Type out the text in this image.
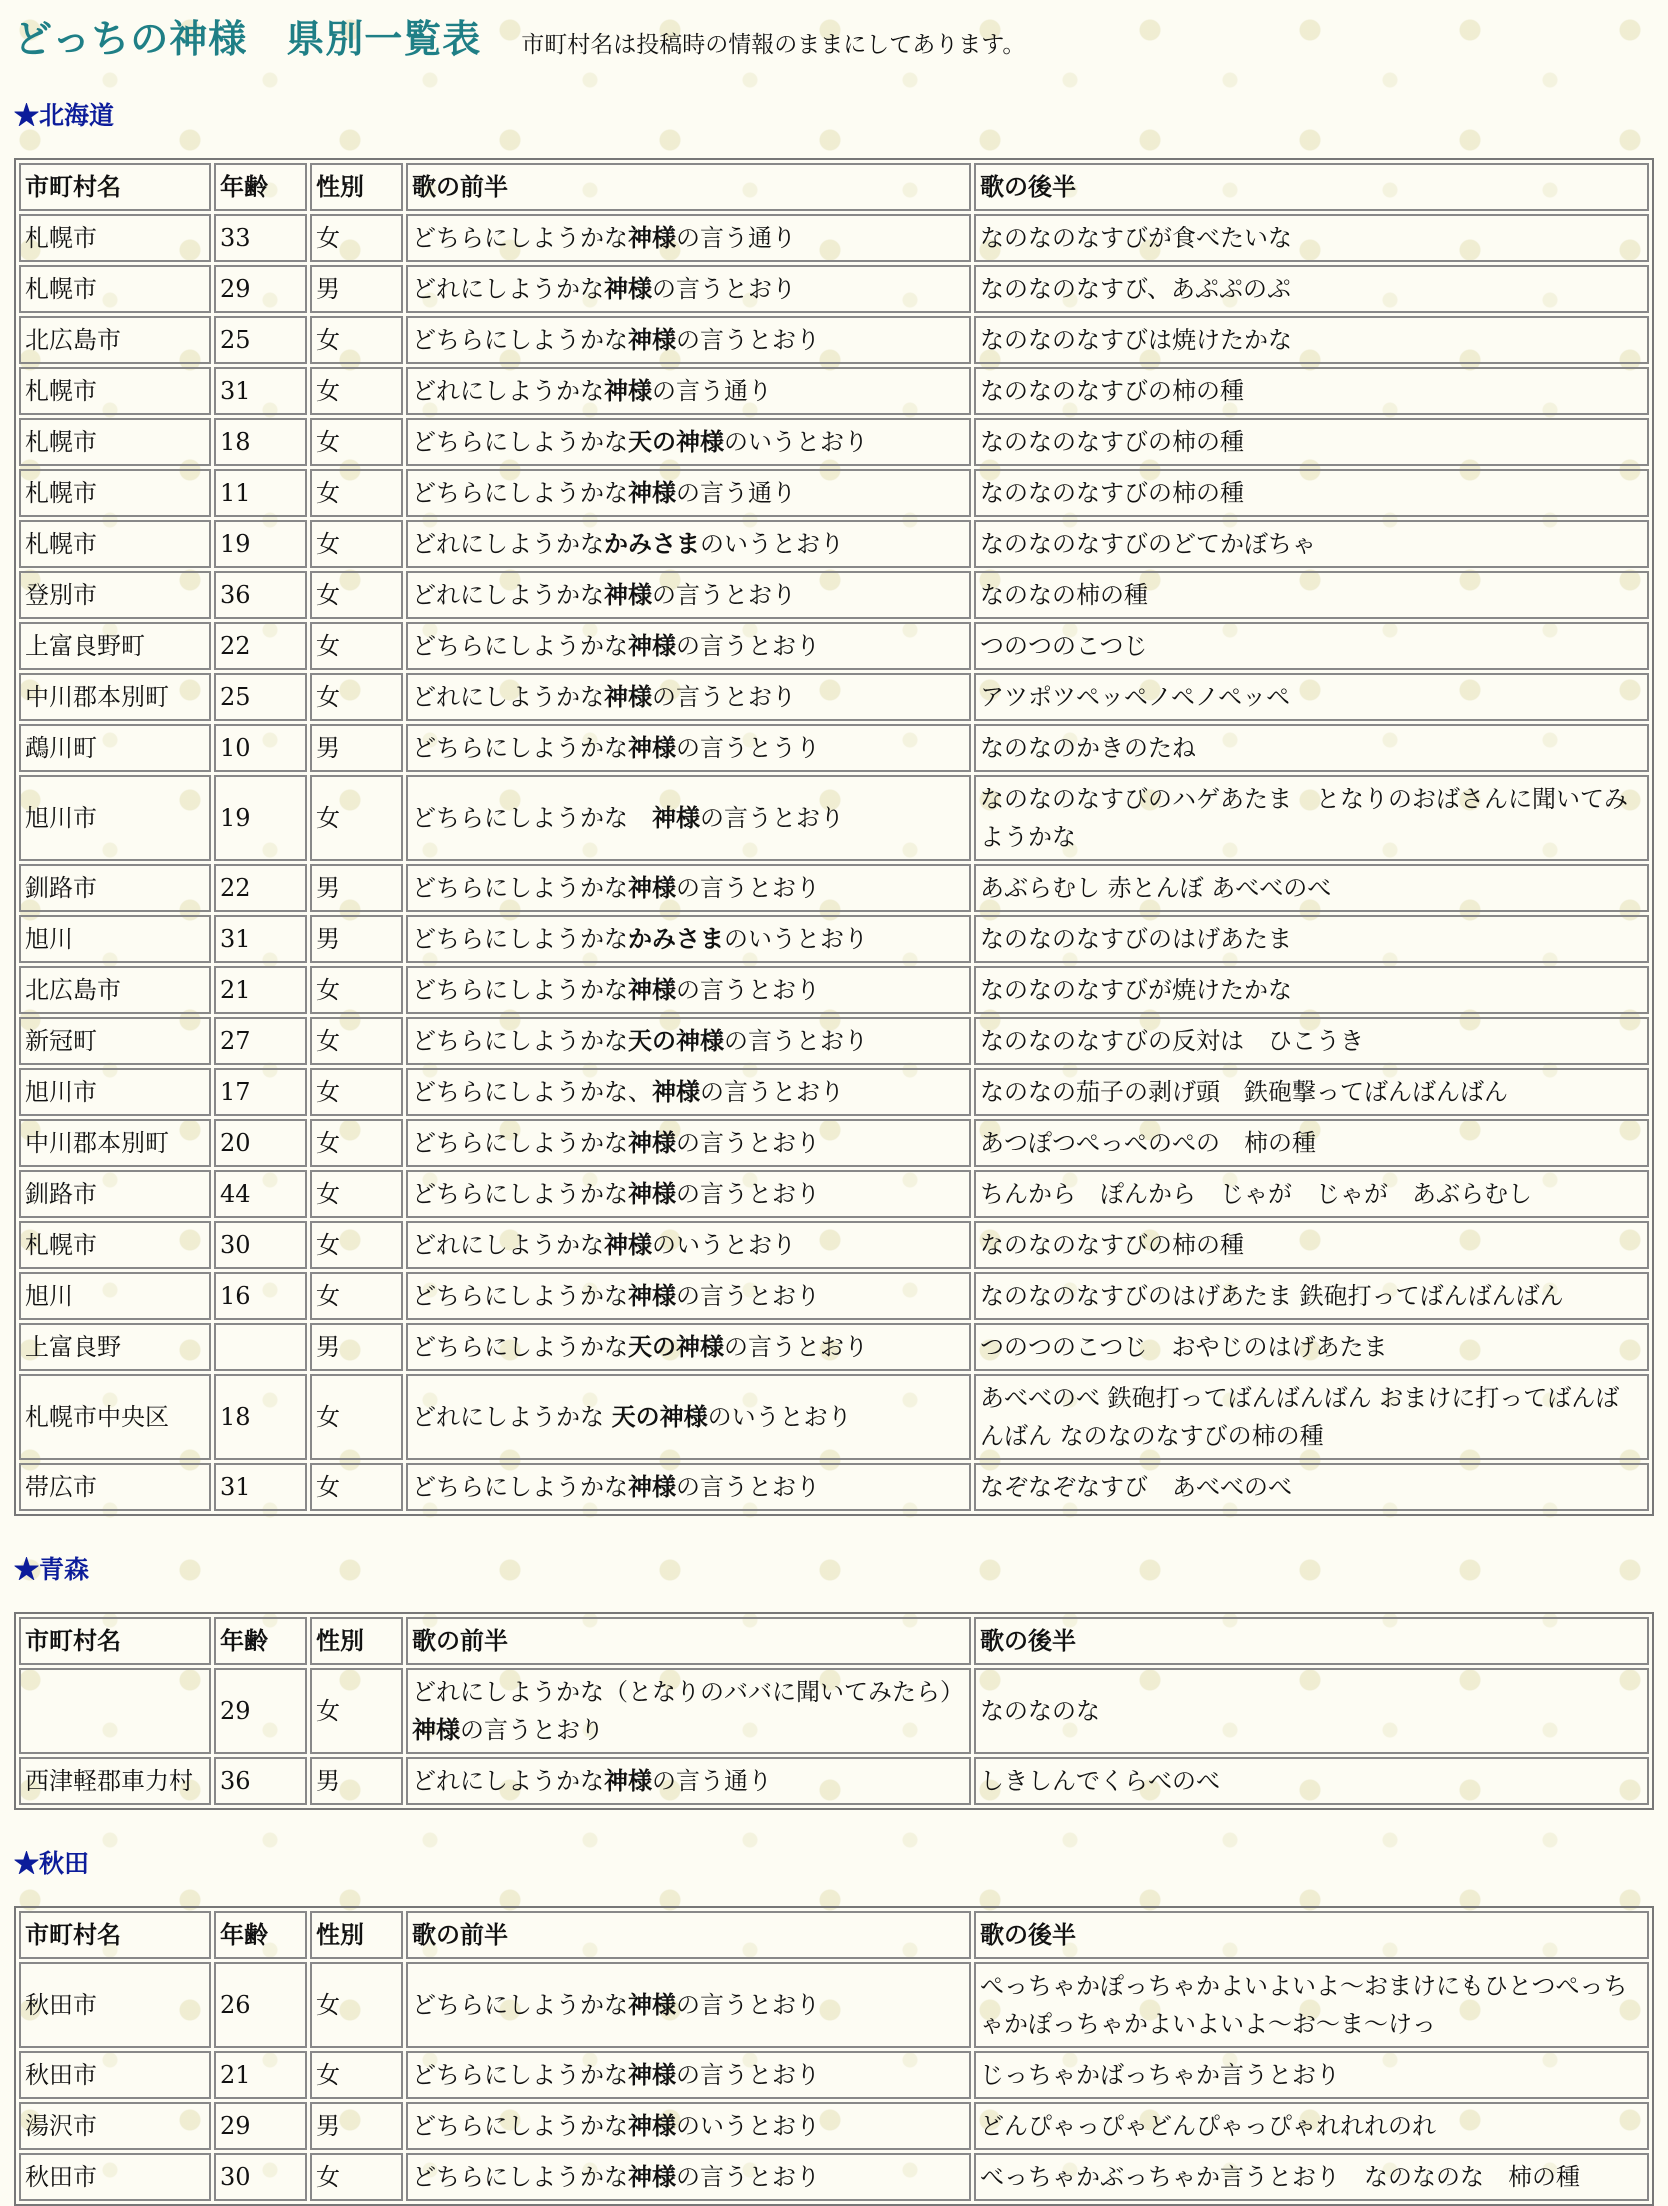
どっちの神様　県別一覧表 市町村名は投稿時の情報のままにしてあります。
★北海道
市町村名	年齢	性別	歌の前半	歌の後半
札幌市	33	女	どちらにしようかな神様の言う通り	なのなのなすびが食べたいな
札幌市	29	男	どれにしようかな神様の言うとおり	なのなのなすび、あぷぷのぷ
北広島市	25	女	どちらにしようかな神様の言うとおり	なのなのなすびは焼けたかな
札幌市	31	女	どれにしようかな神様の言う通り	なのなのなすびの柿の種
札幌市	18	女	どちらにしようかな天の神様のいうとおり	なのなのなすびの柿の種
札幌市	11	女	どちらにしようかな神様の言う通り	なのなのなすびの柿の種
札幌市	19	女	どれにしようかなかみさまのいうとおり	なのなのなすびのどてかぼちゃ
登別市	36	女	どれにしようかな神様の言うとおり	なのなの柿の種
上富良野町	22	女	どちらにしようかな神様の言うとおり	つのつのこつじ
中川郡本別町	25	女	どれにしようかな神様の言うとおり	アツポツペッペノペノペッペ
鵡川町	10	男	どちらにしようかな神様の言うとうり	なのなのかきのたね
旭川市	19	女	どちらにしようかな　神様の言うとおり	なのなのなすびのハゲあたま　となりのおばさんに聞いてみようかな
釧路市	22	男	どちらにしようかな神様の言うとおり	あぶらむし 赤とんぼ あべべのべ
旭川	31	男	どちらにしようかなかみさまのいうとおり	なのなのなすびのはげあたま
北広島市	21	女	どちらにしようかな神様の言うとおり	なのなのなすびが焼けたかな
新冠町	27	女	どちらにしようかな天の神様の言うとおり	なのなのなすびの反対は　ひこうき
旭川市	17	女	どちらにしようかな、神様の言うとおり	なのなの茄子の剥げ頭　鉄砲撃ってばんばんばん
中川郡本別町	20	女	どちらにしようかな神様の言うとおり	あつぽつぺっぺのぺの　柿の種
釧路市	44	女	どちらにしようかな神様の言うとおり	ちんから　ぽんから　じゃが　じゃが　あぶらむし
札幌市	30	女	どれにしようかな神様のいうとおり	なのなのなすびの柿の種
旭川	16	女	どちらにしようかな神様の言うとおり	なのなのなすびのはげあたま 鉄砲打ってばんばんばん
上富良野		男	どちらにしようかな天の神様の言うとおり	つのつのこつじ　おやじのはげあたま
札幌市中央区	18	女	どれにしようかな 天の神様のいうとおり	あべべのべ 鉄砲打ってばんばんばん おまけに打ってばんばんばん なのなのなすびの柿の種
帯広市	31	女	どちらにしようかな神様の言うとおり	なぞなぞなすび　あべべのべ
★青森
市町村名	年齢	性別	歌の前半	歌の後半
	29	女	どれにしようかな（となりのババに聞いてみたら）神様の言うとおり	なのなのな
西津軽郡車力村	36	男	どれにしようかな神様の言う通り	しきしんでくらべのべ
★秋田
市町村名	年齢	性別	歌の前半	歌の後半
秋田市	26	女	どちらにしようかな神様の言うとおり	ぺっちゃかぽっちゃかよいよいよ〜おまけにもひとつぺっちゃかぽっちゃかよいよいよ〜お〜ま〜けっ
秋田市	21	女	どちらにしようかな神様の言うとおり	じっちゃかばっちゃか言うとおり
湯沢市	29	男	どちらにしようかな神様のいうとおり	どんぴゃっぴゃどんぴゃっぴゃれれれのれ
秋田市	30	女	どちらにしようかな神様の言うとおり	べっちゃかぶっちゃか言うとおり　なのなのな　柿の種
